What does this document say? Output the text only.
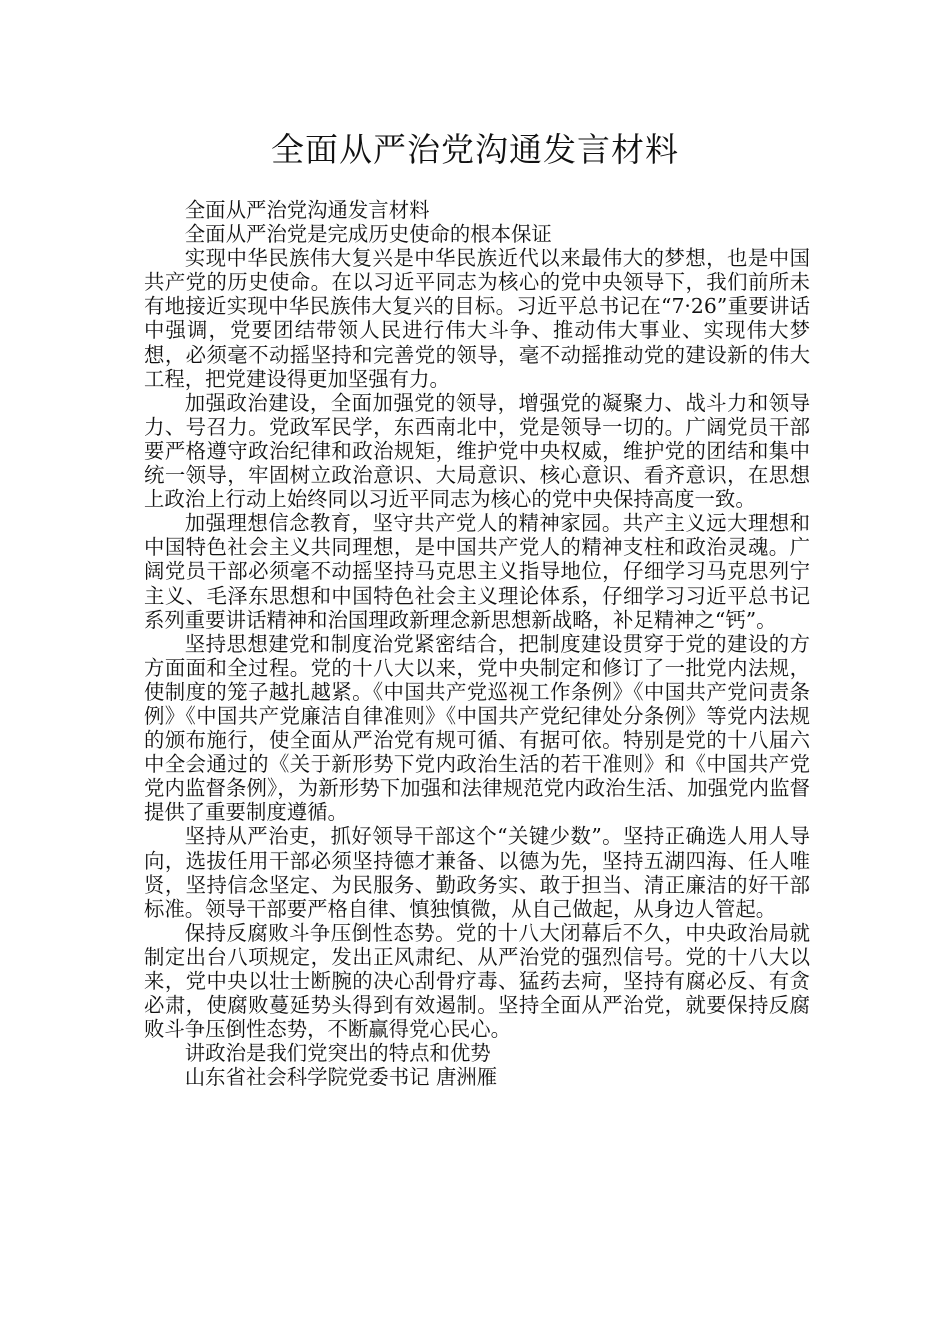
全面从严治党沟通发言材料

全面从严治党沟通发言材料

全面从严治党是完成历史使命的根本保证

实现中华民族伟大复兴是中华民族近代以来最伟大的梦想，也是中国共产党的历史使命。在以习近平同志为核心的党中央领导下，我们前所未有地接近实现中华民族伟大复兴的目标。习近平总书记在“7·26”重要讲话中强调，党要团结带领人民进行伟大斗争、推动伟大事业、实现伟大梦想，必须毫不动摇坚持和完善党的领导，毫不动摇推动党的建设新的伟大工程，把党建设得更加坚强有力。

加强政治建设，全面加强党的领导，增强党的凝聚力、战斗力和领导力、号召力。党政军民学，东西南北中，党是领导一切的。广阔党员干部要严格遵守政治纪律和政治规矩，维护党中央权威，维护党的团结和集中统一领导，牢固树立政治意识、大局意识、核心意识、看齐意识，在思想上政治上行动上始终同以习近平同志为核心的党中央保持高度一致。

加强理想信念教育，坚守共产党人的精神家园。共产主义远大理想和中国特色社会主义共同理想，是中国共产党人的精神支柱和政治灵魂。广阔党员干部必须毫不动摇坚持马克思主义指导地位，仔细学习马克思列宁主义、毛泽东思想和中国特色社会主义理论体系，仔细学习习近平总书记系列重要讲话精神和治国理政新理念新思想新战略，补足精神之“钙”。

坚持思想建党和制度治党紧密结合，把制度建设贯穿于党的建设的方方面面和全过程。党的十八大以来，党中央制定和修订了一批党内法规，使制度的笼子越扎越紧。《中国共产党巡视工作条例》《中国共产党问责条例》《中国共产党廉洁自律准则》《中国共产党纪律处分条例》等党内法规的颁布施行，使全面从严治党有规可循、有据可依。特别是党的十八届六中全会通过的《关于新形势下党内政治生活的若干准则》和《中国共产党党内监督条例》，为新形势下加强和法律规范党内政治生活、加强党内监督提供了重要制度遵循。

坚持从严治吏，抓好领导干部这个“关键少数”。坚持正确选人用人导向，选拔任用干部必须坚持德才兼备、以德为先，坚持五湖四海、任人唯贤，坚持信念坚定、为民服务、勤政务实、敢于担当、清正廉洁的好干部标准。领导干部要严格自律、慎独慎微，从自己做起，从身边人管起。

保持反腐败斗争压倒性态势。党的十八大闭幕后不久，中央政治局就制定出台八项规定，发出正风肃纪、从严治党的强烈信号。党的十八大以来，党中央以壮士断腕的决心刮骨疗毒、猛药去疴，坚持有腐必反、有贪必肃，使腐败蔓延势头得到有效遏制。坚持全面从严治党，就要保持反腐败斗争压倒性态势，不断赢得党心民心。

讲政治是我们党突出的特点和优势

山东省社会科学院党委书记 唐洲雁
